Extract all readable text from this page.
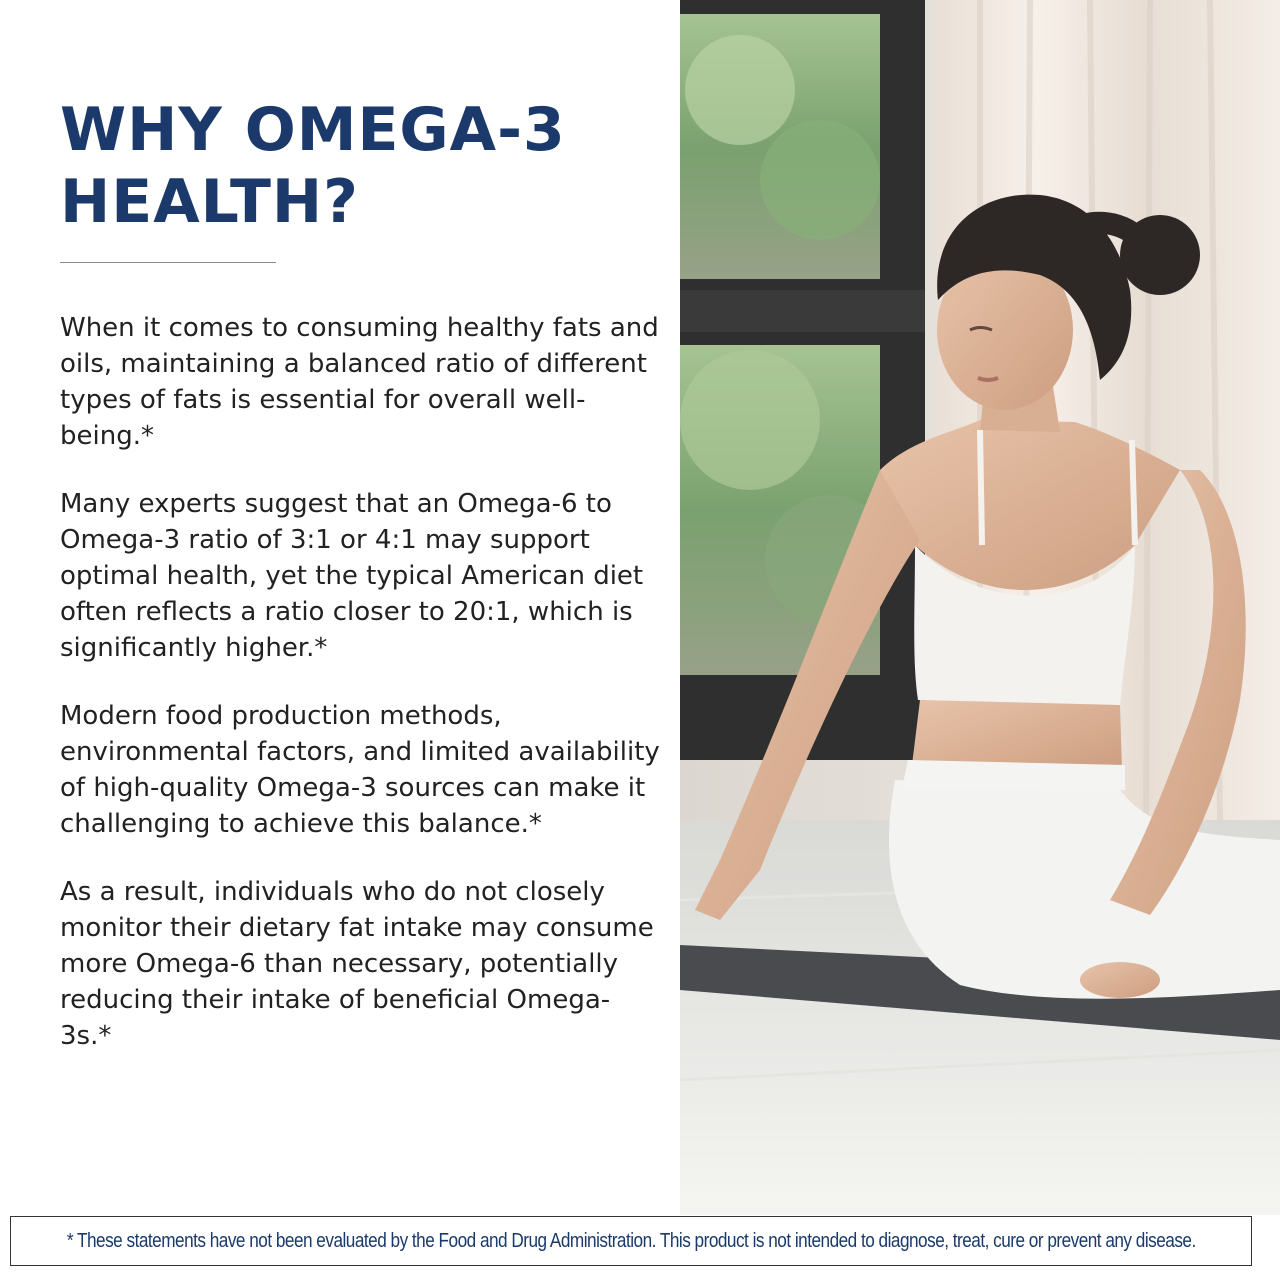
WHY OMEGA-3
HEALTH?

When it comes to consuming healthy fats and oils, maintaining a balanced ratio of different types of fats is essential for overall well-being.*

Many experts suggest that an Omega-6 to Omega-3 ratio of 3:1 or 4:1 may support optimal health, yet the typical American diet often reflects a ratio closer to 20:1, which is significantly higher.*

Modern food production methods, environmental factors, and limited availability of high-quality Omega-3 sources can make it challenging to achieve this balance.*

As a result, individuals who do not closely monitor their dietary fat intake may consume more Omega-6 than necessary, potentially reducing their intake of beneficial Omega-3s.*

* These statements have not been evaluated by the Food and Drug Administration. This product is not intended to diagnose, treat, cure or prevent any disease.
